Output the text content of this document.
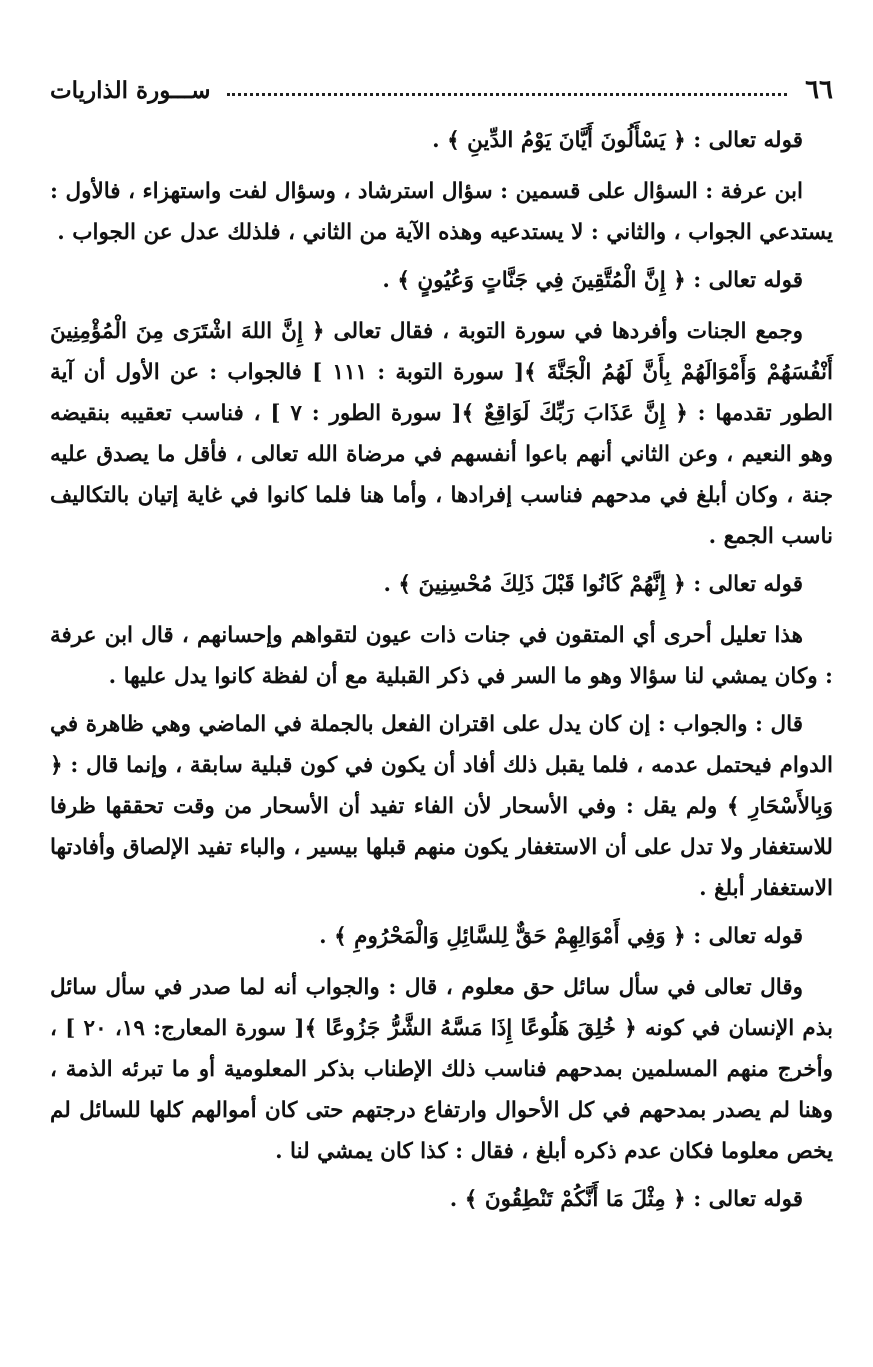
٦٦
ســـورة الذاريات

قوله تعالى : ﴿ يَسْأَلُونَ أَيَّانَ يَوْمُ الدِّينِ ﴾ .

ابن عرفة : السؤال على قسمين : سؤال استرشاد ، وسؤال لفت واستهزاء ، فالأول : يستدعي الجواب ، والثاني : لا يستدعيه وهذه الآية من الثاني ، فلذلك عدل عن الجواب .

قوله تعالى : ﴿ إِنَّ الْمُتَّقِينَ فِي جَنَّاتٍ وَعُيُونٍ ﴾ .

وجمع الجنات وأفردها في سورة التوبة ، فقال تعالى ﴿ إِنَّ اللهَ اشْتَرَى مِنَ الْمُؤْمِنِينَ أَنْفُسَهُمْ وَأَمْوَالَهُمْ بِأَنَّ لَهُمُ الْجَنَّةَ ﴾[ سورة التوبة : ١١١ ] فالجواب : عن الأول أن آية الطور تقدمها : ﴿ إِنَّ عَذَابَ رَبِّكَ لَوَاقِعٌ ﴾[ سورة الطور : ٧ ] ، فناسب تعقيبه بنقيضه وهو النعيم ، وعن الثاني أنهم باعوا أنفسهم في مرضاة الله تعالى ، فأقل ما يصدق عليه جنة ، وكان أبلغ في مدحهم فناسب إفرادها ، وأما هنا فلما كانوا في غاية إتيان بالتكاليف ناسب الجمع .

قوله تعالى : ﴿ إِنَّهُمْ كَانُوا قَبْلَ ذَلِكَ مُحْسِنِينَ ﴾ .

هذا تعليل أحرى أي المتقون في جنات ذات عيون لتقواهم وإحسانهم ، قال ابن عرفة : وكان يمشي لنا سؤالا وهو ما السر في ذكر القبلية مع أن لفظة كانوا يدل عليها .

قال : والجواب : إن كان يدل على اقتران الفعل بالجملة في الماضي وهي ظاهرة في الدوام فيحتمل عدمه ، فلما يقبل ذلك أفاد أن يكون في كون قبلية سابقة ، وإنما قال : ﴿ وَبِالأَسْحَارِ ﴾ ولم يقل : وفي الأسحار لأن الفاء تفيد أن الأسحار من وقت تحققها ظرفا للاستغفار ولا تدل على أن الاستغفار يكون منهم قبلها بيسير ، والباء تفيد الإلصاق وأفادتها الاستغفار أبلغ .

قوله تعالى : ﴿ وَفِي أَمْوَالِهِمْ حَقٌّ لِلسَّائِلِ وَالْمَحْرُومِ ﴾ .

وقال تعالى في سأل سائل حق معلوم ، قال : والجواب أنه لما صدر في سأل سائل بذم الإنسان في كونه ﴿ خُلِقَ هَلُوعًا إِذَا مَسَّهُ الشَّرُّ جَزُوعًا ﴾[ سورة المعارج: ١٩، ٢٠ ] ، وأخرج منهم المسلمين بمدحهم فناسب ذلك الإطناب بذكر المعلومية أو ما تبرئه الذمة ، وهنا لم يصدر بمدحهم في كل الأحوال وارتفاع درجتهم حتى كان أموالهم كلها للسائل لم يخص معلوما فكان عدم ذكره أبلغ ، فقال : كذا كان يمشي لنا .

قوله تعالى : ﴿ مِثْلَ مَا أَنَّكُمْ تَنْطِقُونَ ﴾ .
